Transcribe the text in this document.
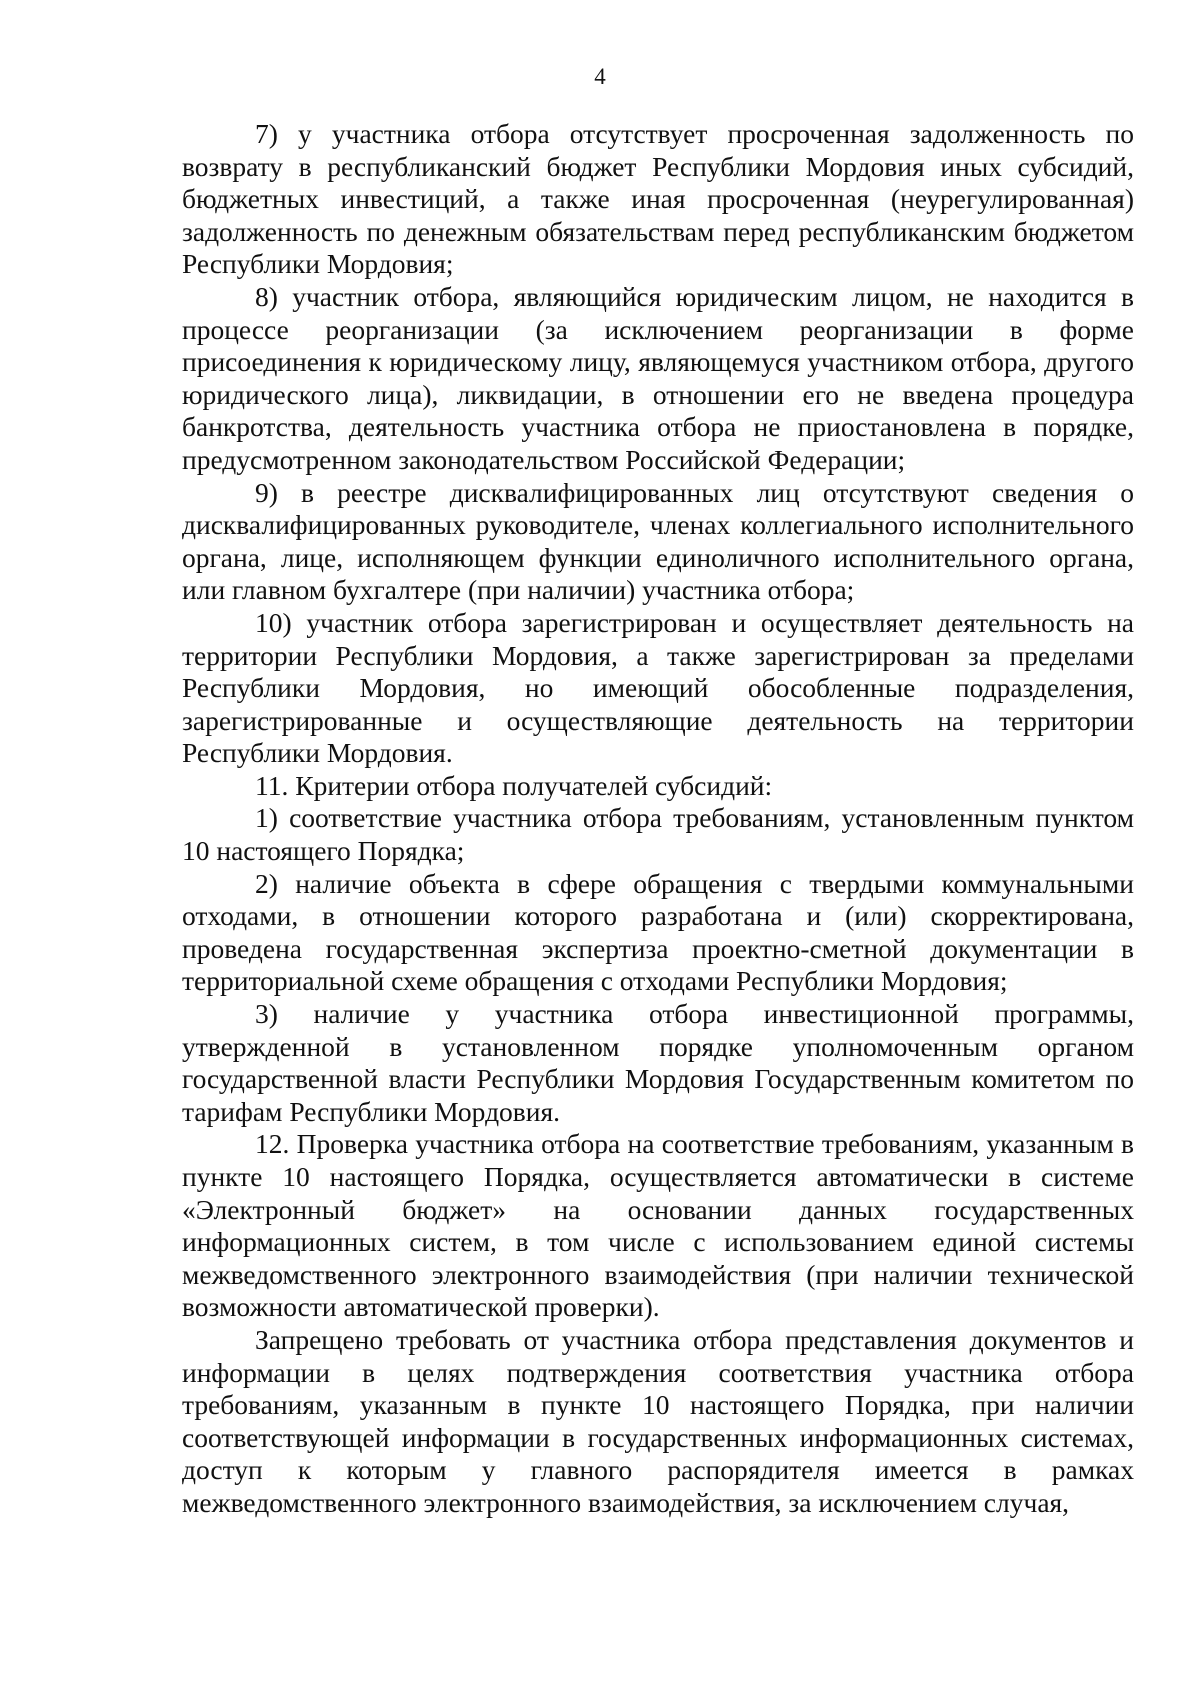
4

7) у участника отбора отсутствует просроченная задолженность по возврату в республиканский бюджет Республики Мордовия иных субсидий, бюджетных инвестиций, а также иная просроченная (неурегулированная) задолженность по денежным обязательствам перед республиканским бюджетом Республики Мордовия;

8) участник отбора, являющийся юридическим лицом, не находится в процессе реорганизации (за исключением реорганизации в форме присоединения к юридическому лицу, являющемуся участником отбора, другого юридического лица), ликвидации, в отношении его не введена процедура банкротства, деятельность участника отбора не приостановлена в порядке, предусмотренном законодательством Российской Федерации;

9) в реестре дисквалифицированных лиц отсутствуют сведения о дисквалифицированных руководителе, членах коллегиального исполнительного органа, лице, исполняющем функции единоличного исполнительного органа, или главном бухгалтере (при наличии) участника отбора;

10) участник отбора зарегистрирован и осуществляет деятельность на территории Республики Мордовия, а также зарегистрирован за пределами Республики Мордовия, но имеющий обособленные подразделения, зарегистрированные и осуществляющие деятельность на территории Республики Мордовия.

11. Критерии отбора получателей субсидий:

1) соответствие участника отбора требованиям, установленным пунктом 10 настоящего Порядка;

2) наличие объекта в сфере обращения с твердыми коммунальными отходами, в отношении которого разработана и (или) скорректирована, проведена государственная экспертиза проектно-сметной документации в территориальной схеме обращения с отходами Республики Мордовия;

3) наличие у участника отбора инвестиционной программы, утвержденной в установленном порядке уполномоченным органом государственной власти Республики Мордовия Государственным комитетом по тарифам Республики Мордовия.

12. Проверка участника отбора на соответствие требованиям, указанным в пункте 10 настоящего Порядка, осуществляется автоматически в системе «Электронный бюджет» на основании данных государственных информационных систем, в том числе с использованием единой системы межведомственного электронного взаимодействия (при наличии технической возможности автоматической проверки).

Запрещено требовать от участника отбора представления документов и информации в целях подтверждения соответствия участника отбора требованиям, указанным в пункте 10 настоящего Порядка, при наличии соответствующей информации в государственных информационных системах, доступ к которым у главного распорядителя имеется в рамках межведомственного электронного взаимодействия, за исключением случая,
